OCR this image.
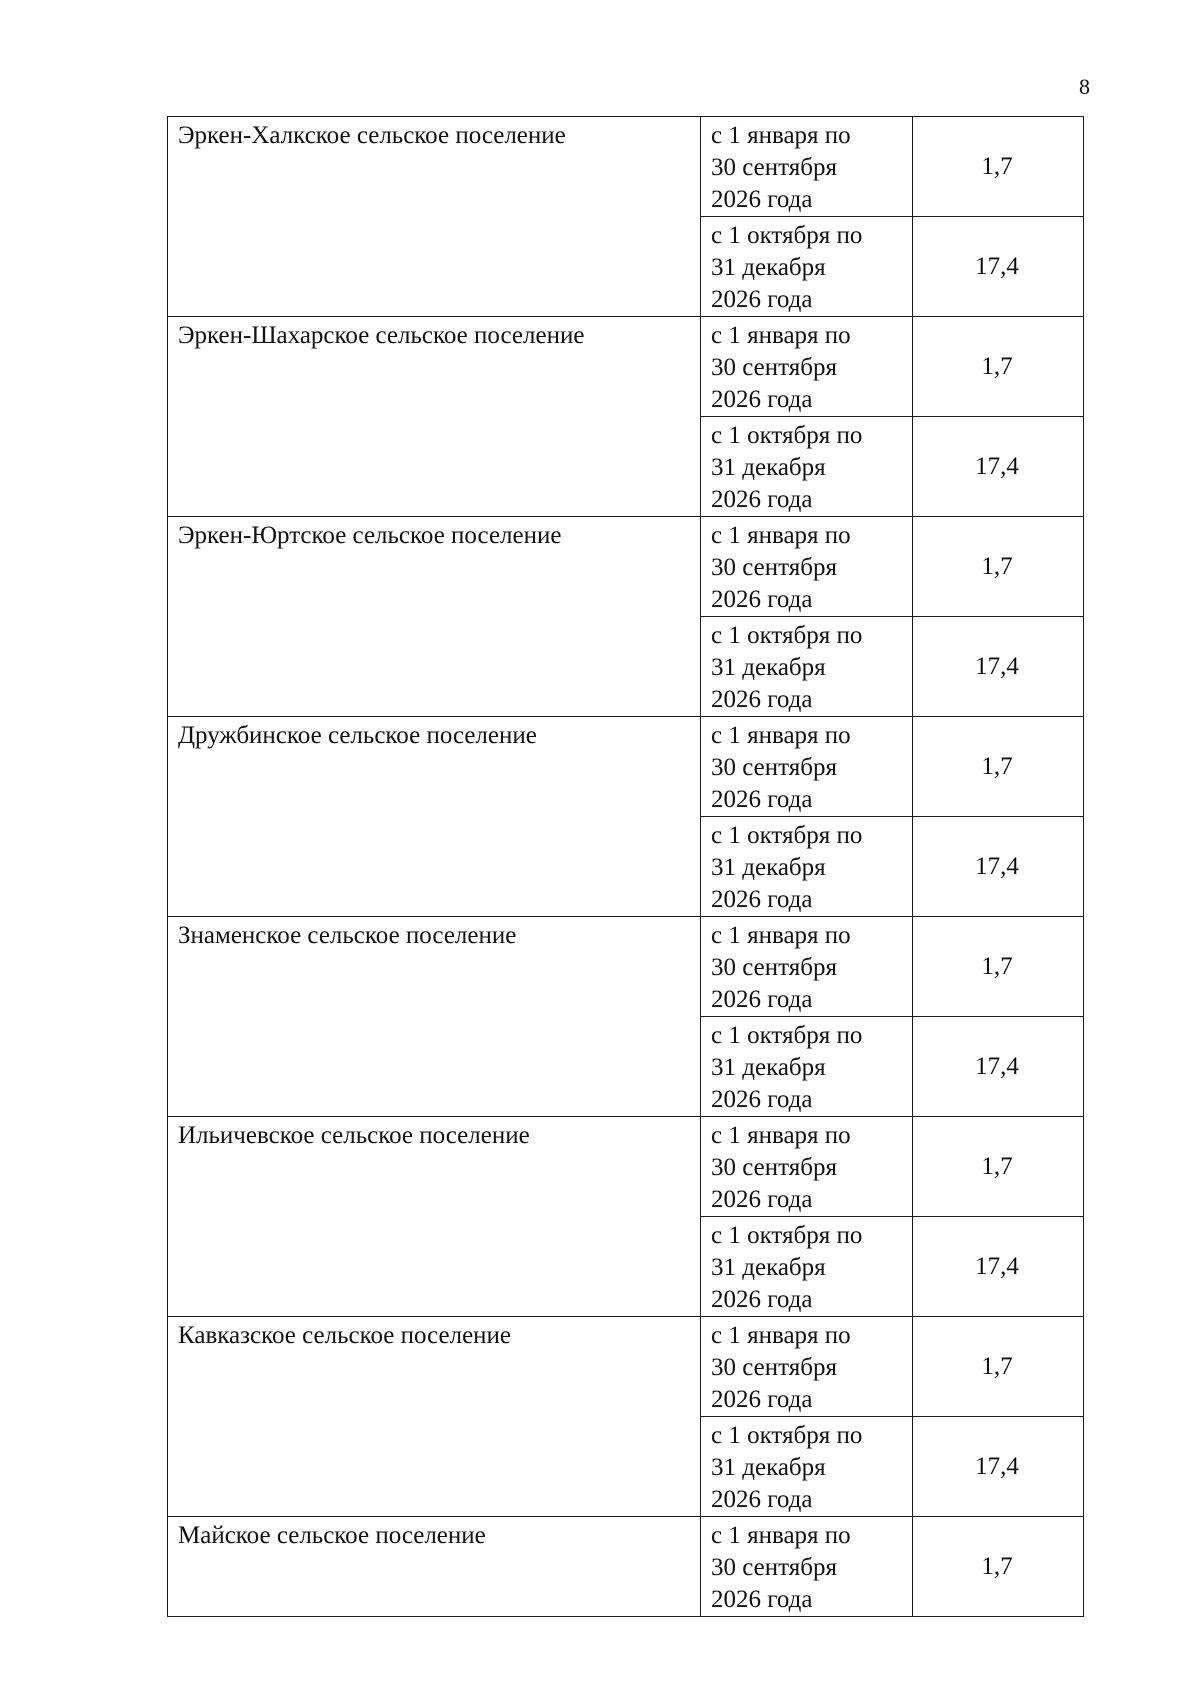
8
Эркен-Халкское сельское поселение	с 1 января по
30 сентября
2026 года	1,7

	с 1 октября по
31 декабря
2026 года	17,4
Эркен-Шахарское сельское поселение	с 1 января по
30 сентября
2026 года	1,7

	с 1 октября по
31 декабря
2026 года	17,4
Эркен-Юртское сельское поселение	с 1 января по
30 сентября
2026 года	1,7

	с 1 октября по
31 декабря
2026 года	17,4
Дружбинское сельское поселение	с 1 января по
30 сентября
2026 года	1,7

	с 1 октября по
31 декабря
2026 года	17,4
Знаменское сельское поселение	с 1 января по
30 сентября
2026 года	1,7

	с 1 октября по
31 декабря
2026 года	17,4
Ильичевское сельское поселение	с 1 января по
30 сентября
2026 года	1,7

	с 1 октября по
31 декабря
2026 года	17,4
Кавказское сельское поселение	с 1 января по
30 сентября
2026 года	1,7

	с 1 октября по
31 декабря
2026 года	17,4
Майское сельское поселение	с 1 января по
30 сентября
2026 года	1,7
